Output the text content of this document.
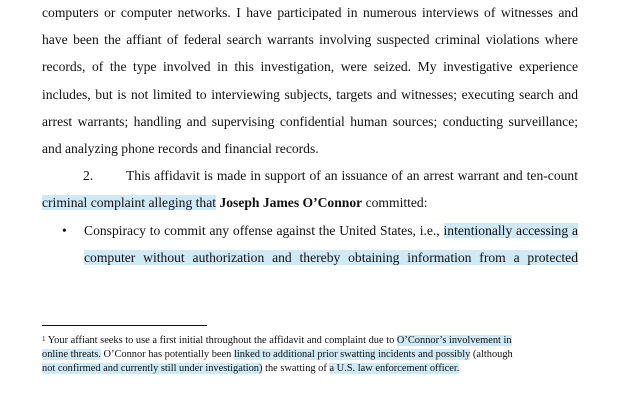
computers or computer networks. I have participated in numerous interviews of witnesses and
have been the affiant of federal search warrants involving suspected criminal violations where
records, of the type involved in this investigation, were seized. My investigative experience
includes, but is not limited to interviewing subjects, targets and witnesses; executing search and
arrest warrants; handling and supervising confidential human sources; conducting surveillance;
and analyzing phone records and financial records.
2. This affidavit is made in support of an issuance of an arrest warrant and ten-count
criminal complaint alleging that Joseph James O’Connor committed:
• Conspiracy to commit any offense against the United States, i.e., intentionally accessing a
computer without authorization and thereby obtaining information from a protected
$^1$ Your affiant seeks to use a first initial throughout the affidavit and complaint due to O’Connor’s involvement in
online threats. O’Connor has potentially been linked to additional prior swatting incidents and possibly (although
not confirmed and currently still under investigation) the swatting of a U.S. law enforcement officer.
